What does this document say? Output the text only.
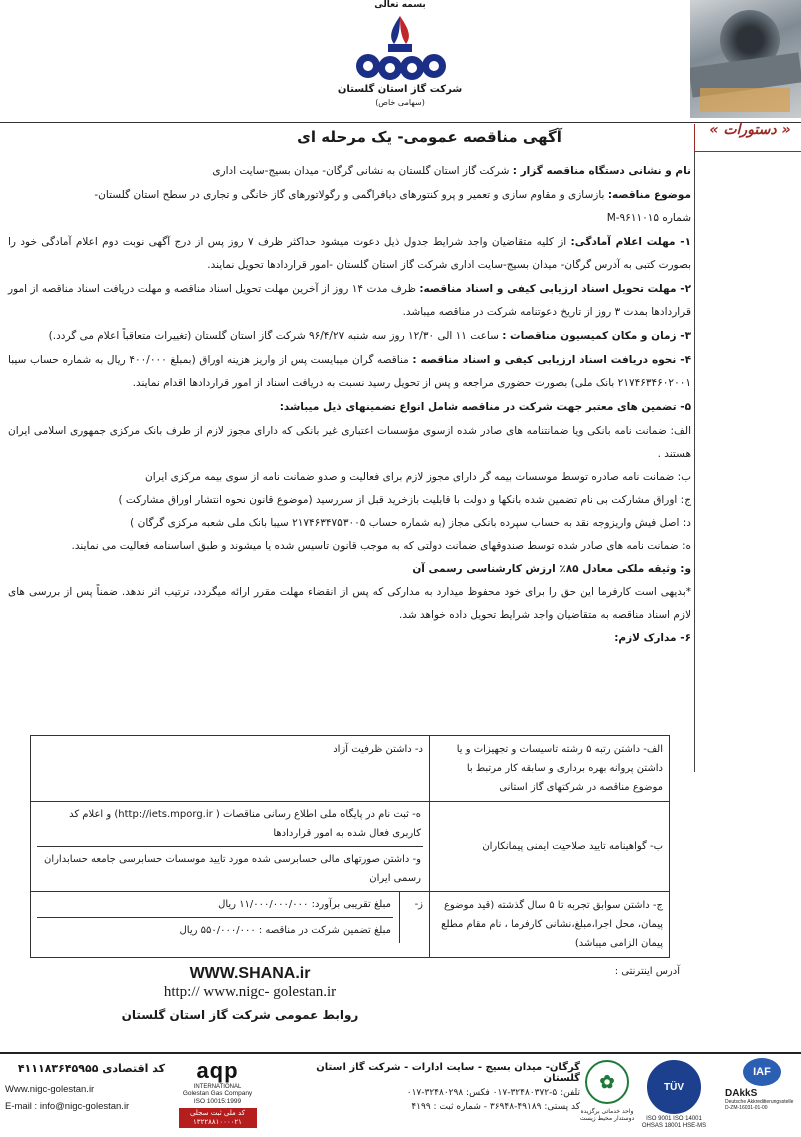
بسمه تعالی
شرکت گاز استان گلستان
(سهامی خاص)
« دستورات »
آگهی مناقصه عمومی- یک مرحله ای
نام و نشانی دستگاه مناقصه گزار : شرکت گاز استان گلستان به نشانی گرگان- میدان بسیج-سایت اداری
موضوع مناقصه: بازسازی و مقاوم سازی و تعمیر و پرو کنتورهای دیافراگمی و رگولاتورهای گاز خانگی و تجاری در سطح استان گلستان-
شماره M-۹۶۱۱۰۱۵
۱- مهلت اعلام آمادگی: از کلیه متقاضیان واجد شرایط جدول ذیل دعوت میشود حداکثر ظرف ۷ روز پس از درج آگهی نوبت دوم اعلام آمادگی خود را بصورت کتبی به آدرس گرگان- میدان بسیج-سایت اداری شرکت گاز استان گلستان -امور قراردادها تحویل نمایند.
۲- مهلت تحویل اسناد ارزیابی کیفی و اسناد مناقصه: ظرف مدت ۱۴ روز از آخرین مهلت تحویل اسناد مناقصه و مهلت دریافت اسناد مناقصه از امور قراردادها بمدت ۳ روز از تاریخ دعوتنامه شرکت در مناقصه میباشد.
۳- زمان و مکان کمیسیون مناقصات : ساعت ۱۱ الی ۱۲/۳۰ روز سه شنبه ۹۶/۴/۲۷ شرکت گاز استان گلستان (تغییرات متعاقباً اعلام می گردد.)
۴- نحوه دریافت اسناد ارزیابی کیفی و اسناد مناقصه : مناقصه گران میبایست پس از واریز هزینه اوراق (بمبلغ ۴۰۰/۰۰۰ ریال به شماره حساب سیبا ۲۱۷۴۶۳۴۶۰۲۰۰۱ بانک ملی) بصورت حضوری مراجعه و پس از تحویل رسید نسبت به دریافت اسناد از امور قراردادها اقدام نمایند.
۵- تضمین های معتبر جهت شرکت در مناقصه شامل انواع تضمینهای ذیل میباشد:
الف: ضمانت نامه بانکی ویا ضمانتنامه های صادر شده ازسوی مؤسسات اعتباری غیر بانکی که دارای مجوز لازم از طرف بانک مرکزی جمهوری اسلامی ایران هستند .
ب: ضمانت نامه صادره توسط موسسات بیمه گر دارای مجوز لازم برای فعالیت و صدو ضمانت نامه از سوی بیمه مرکزی ایران
ج: اوراق مشارکت بی نام تضمین شده بانکها و دولت با قابلیت بازخرید قبل از سررسید (موضوع قانون نحوه انتشار اوراق مشارکت )
د: اصل فیش واریزوجه نقد به حساب سپرده بانکی مجاز (به شماره حساب ۲۱۷۴۶۳۴۷۵۳۰۰۵ سیبا بانک ملی شعبه مرکزی گرگان )
ه: ضمانت نامه های صادر شده توسط صندوقهای ضمانت دولتی که به موجب قانون تاسیس شده یا میشوند و طبق اساسنامه فعالیت می نمایند.
و: وثیقه ملکی معادل ۸۵٪ ارزش کارشناسی رسمی آن
*بدیهی است کارفرما این حق را برای خود محفوظ میدارد به مدارکی که پس از انقضاء مهلت مقرر ارائه میگردد، ترتیب اثر ندهد. ضمناً پس از بررسی های لازم اسناد مناقصه به متقاضیان واجد شرایط تحویل داده خواهد شد.
۶- مدارک لازم:
الف- داشتن رتبه ۵ رشته تاسیسات و تجهیزات و یا داشتن پروانه بهره برداری و سابقه کار مرتبط با موضوع مناقصه در شرکتهای گاز استانی	د- داشتن ظرفیت آزاد
ب- گواهینامه تایید صلاحیت ایمنی پیمانکاران	ه- ثبت نام در پایگاه ملی اطلاع رسانی مناقصات ( http://iets.mporg.ir) و اعلام کد کاربری فعال شده به امور قراردادها
و- داشتن صورتهای مالی حسابرسی شده مورد تایید موسسات حسابرسی جامعه حسابداران رسمی ایران

ج- داشتن سوابق تجربه تا ۵ سال گذشته (قید موضوع پیمان، محل اجرا،مبلغ،نشانی کارفرما ، نام مقام مطلع پیمان الزامی میباشد)	ز-
مبلغ تقریبی برآورد: ۱۱/۰۰۰/۰۰۰/۰۰۰ ریال
مبلغ تضمین شرکت در مناقصه : ۵۵۰/۰۰۰/۰۰۰ ریال
آدرس اینترنتی :
WWW.SHANA.ir
http:// www.nigc- golestan.ir
روابط عمومی شرکت گاز استان گلستان
کد اقتصادی ۴۱۱۱۸۳۶۴۵۹۵۵
Www.nigc-golestan.ir
E-mail : info@nigc-golestan.ir
aqp
INTERNATIONAL
Golestan Gas Company
ISO 10015:1999
کد ملی ثبت سجلی
۱۳۲۲۸۸۱۰۰۰۰۲۱
گرگان- میدان بسیج - سایت ادارات - شرکت گاز استان گلستان
تلفن: ۵-۳۲۴۸۰۳۷۲-۰۱۷ فکس: ۳۲۴۸۰۲۹۸-۰۱۷
کد پستی: ۴۹۱۸۹-۳۶۹۴۸ - شماره ثبت : ۴۱۹۹
✿
واحد خدماتی برگزیده دوستدار محیط زیست
TÜV
ISO 9001 ISO 14001 OHSAS 18001 HSE-MS
IAF
DAkkS
Deutsche Akkreditierungsstelle D-ZM-16031-01-00
